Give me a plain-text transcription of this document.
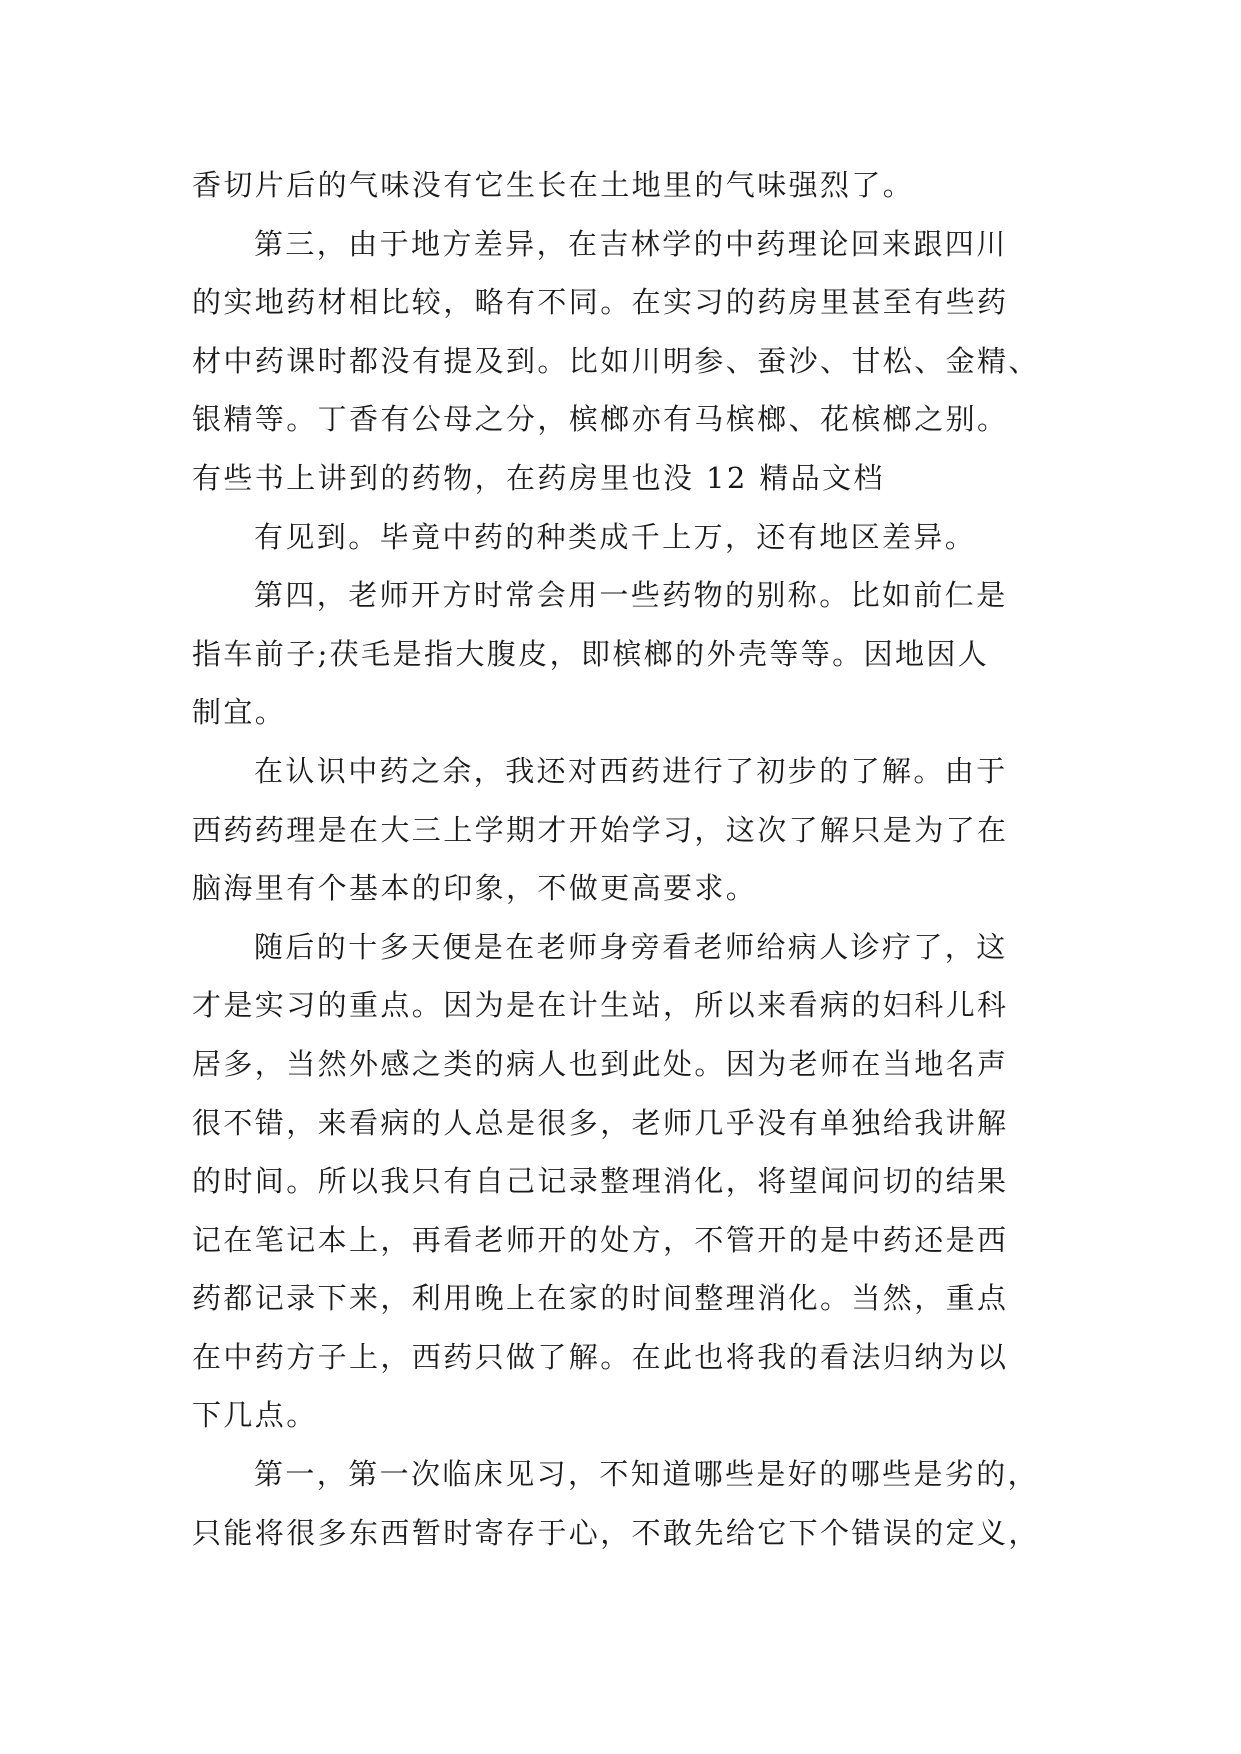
香切片后的气味没有它生长在土地里的气味强烈了。
第三，由于地方差异，在吉林学的中药理论回来跟四川
的实地药材相比较，略有不同。在实习的药房里甚至有些药
材中药课时都没有提及到。比如川明参、蚕沙、甘松、金精、
银精等。丁香有公母之分，槟榔亦有马槟榔、花槟榔之别。
有些书上讲到的药物，在药房里也没 12 精品文档
有见到。毕竟中药的种类成千上万，还有地区差异。
第四，老师开方时常会用一些药物的别称。比如前仁是
指车前子;茯毛是指大腹皮，即槟榔的外壳等等。因地因人
制宜。
在认识中药之余，我还对西药进行了初步的了解。由于
西药药理是在大三上学期才开始学习，这次了解只是为了在
脑海里有个基本的印象，不做更高要求。
随后的十多天便是在老师身旁看老师给病人诊疗了，这
才是实习的重点。因为是在计生站，所以来看病的妇科儿科
居多，当然外感之类的病人也到此处。因为老师在当地名声
很不错，来看病的人总是很多，老师几乎没有单独给我讲解
的时间。所以我只有自己记录整理消化，将望闻问切的结果
记在笔记本上，再看老师开的处方，不管开的是中药还是西
药都记录下来，利用晚上在家的时间整理消化。当然，重点
在中药方子上，西药只做了解。在此也将我的看法归纳为以
下几点。
第一，第一次临床见习，不知道哪些是好的哪些是劣的，
只能将很多东西暂时寄存于心，不敢先给它下个错误的定义，
